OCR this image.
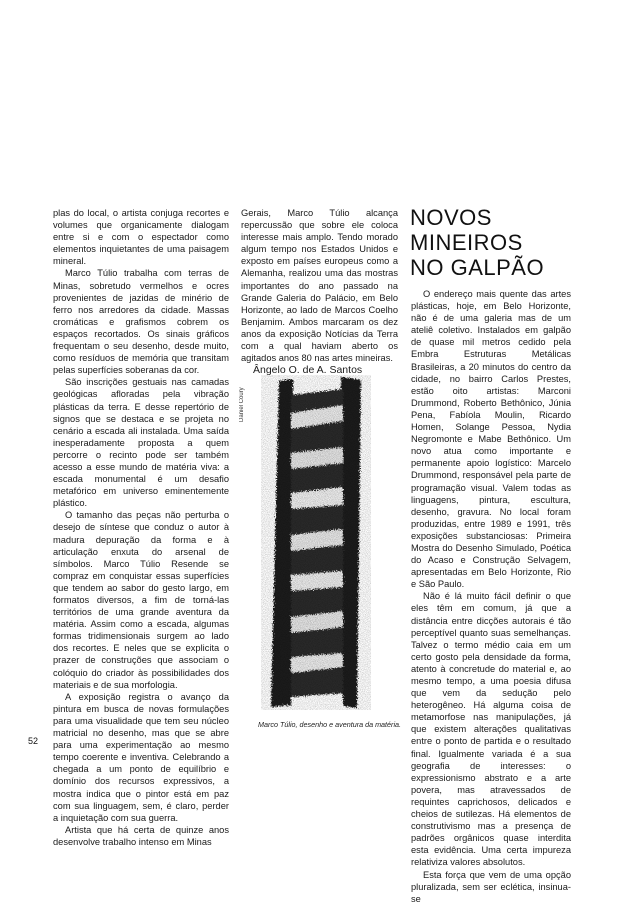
plas do local, o artista conjuga recortes e volumes que organicamente dialogam entre si e com o espectador como elementos inquietantes de uma paisagem mineral.

Marco Túlio trabalha com terras de Minas, sobretudo vermelhos e ocres provenientes de jazidas de minério de ferro nos arredores da cidade. Massas cromáticas e grafismos cobrem os espaços recortados. Os sinais gráficos frequentam o seu desenho, desde muito, como resíduos de memória que transitam pelas superfícies soberanas da cor.

São inscrições gestuais nas camadas geológicas afloradas pela vibração plásticas da terra. E desse repertório de signos que se destaca e se projeta no cenário a escada ali instalada. Uma saída inesperadamente proposta a quem percorre o recinto pode ser também acesso a esse mundo de matéria viva: a escada monumental é um desafio metafórico em universo eminentemente plástico.

O tamanho das peças não perturba o desejo de síntese que conduz o autor à madura depuração da forma e à articulação enxuta do arsenal de símbolos. Marco Túlio Resende se compraz em conquistar essas superfícies que tendem ao sabor do gesto largo, em formatos diversos, a fim de torná-las territórios de uma grande aventura da matéria. Assim como a escada, algumas formas tridimensionais surgem ao lado dos recortes. E neles que se explicita o prazer de construções que associam o colóquio do criador às possibilidades dos materiais e de sua morfologia.

A exposição registra o avanço da pintura em busca de novas formulações para uma visualidade que tem seu núcleo matricial no desenho, mas que se abre para uma experimentação ao mesmo tempo coerente e inventiva. Celebrando a chegada a um ponto de equilíbrio e domínio dos recursos expressivos, a mostra indica que o pintor está em paz com sua linguagem, sem, é claro, perder a inquietação com sua guerra.

Artista que há certa de quinze anos desenvolve trabalho intenso em Minas

Gerais, Marco Túlio alcança repercussão que sobre ele coloca interesse mais amplo. Tendo morado algum tempo nos Estados Unidos e exposto em países europeus como a Alemanha, realizou uma das mostras importantes do ano passado na Grande Galeria do Palácio, em Belo Horizonte, ao lado de Marcos Coelho Benjamim. Ambos marcaram os dez anos da exposição Notícias da Terra com a qual haviam aberto os agitados anos 80 nas artes mineiras.

Ângelo O. de A. Santos

Daniel Coury
Marco Túlio, desenho e aventura da matéria.
NOVOS MINEIROS
NO GALPÃO

O endereço mais quente das artes plásticas, hoje, em Belo Horizonte, não é de uma galeria mas de um ateliê coletivo. Instalados em galpão de quase mil metros cedido pela Embra Estruturas Metálicas Brasileiras, a 20 minutos do centro da cidade, no bairro Carlos Prestes, estão oito artistas: Marconi Drummond, Roberto Bethônico, Júnia Pena, Fabíola Moulin, Ricardo Homen, Solange Pessoa, Nydia Negromonte e Mabe Bethônico. Um novo atua como importante e permanente apoio logístico: Marcelo Drummond, responsável pela parte de programação visual. Valem todas as linguagens, pintura, escultura, desenho, gravura. No local foram produzidas, entre 1989 e 1991, três exposições substanciosas: Primeira Mostra do Desenho Simulado, Poética do Acaso e Construção Selvagem, apresentadas em Belo Horizonte, Rio e São Paulo.

Não é lá muito fácil definir o que eles têm em comum, já que a distância entre dicções autorais é tão perceptível quanto suas semelhanças. Talvez o termo médio caia em um certo gosto pela densidade da forma, atento à concretude do material e, ao mesmo tempo, a uma poesia difusa que vem da sedução pelo heterogêneo. Há alguma coisa de metamorfose nas manipulações, já que existem alterações qualitativas entre o ponto de partida e o resultado final. Igualmente variada é a sua geografia de interesses: o expressionismo abstrato e a arte povera, mas atravessados de requintes caprichosos, delicados e cheios de sutilezas. Há elementos de construtivismo mas a presença de padrões orgânicos quase interdita esta evidência. Uma certa impureza relativiza valores absolutos.

Esta força que vem de uma opção pluralizada, sem ser eclética, insinua-se

52
